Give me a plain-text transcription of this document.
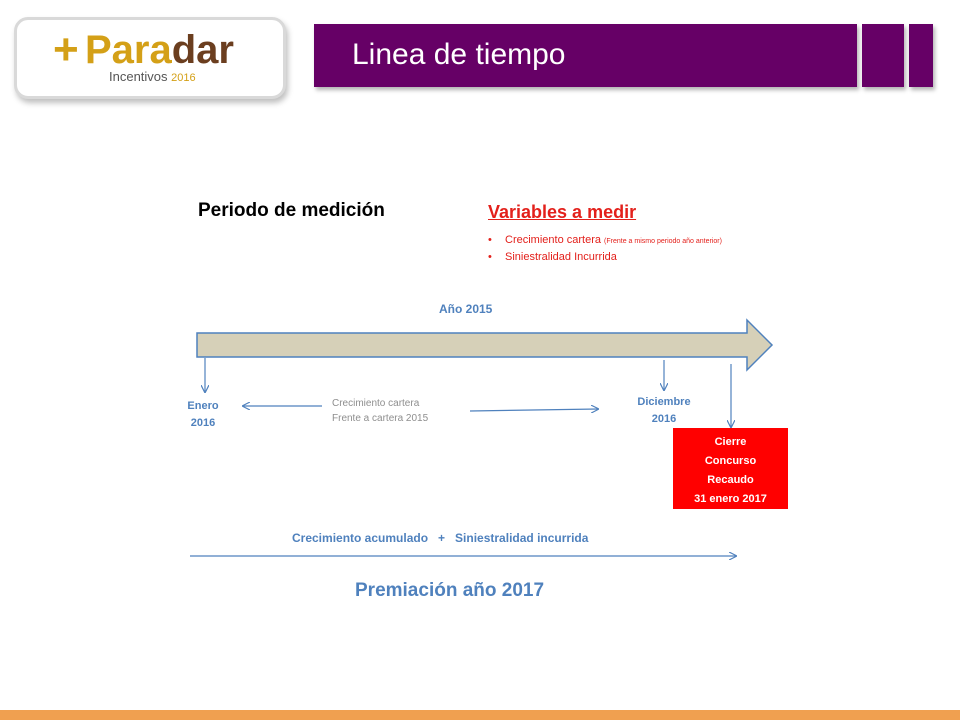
+ Paradar
Incentivos 2016
Linea de tiempo
Periodo de medición	Variables a medir
• Crecimiento cartera (Frente a mismo periodo año anterior)
• Siniestralidad Incurrida
Año 2015
Enero
2016
Crecimiento cartera
Frente a cartera 2015
Diciembre
2016
Cierre
Concurso
Recaudo
31 enero 2017
Crecimiento acumulado   +   Siniestralidad incurrida
Premiación año 2017
